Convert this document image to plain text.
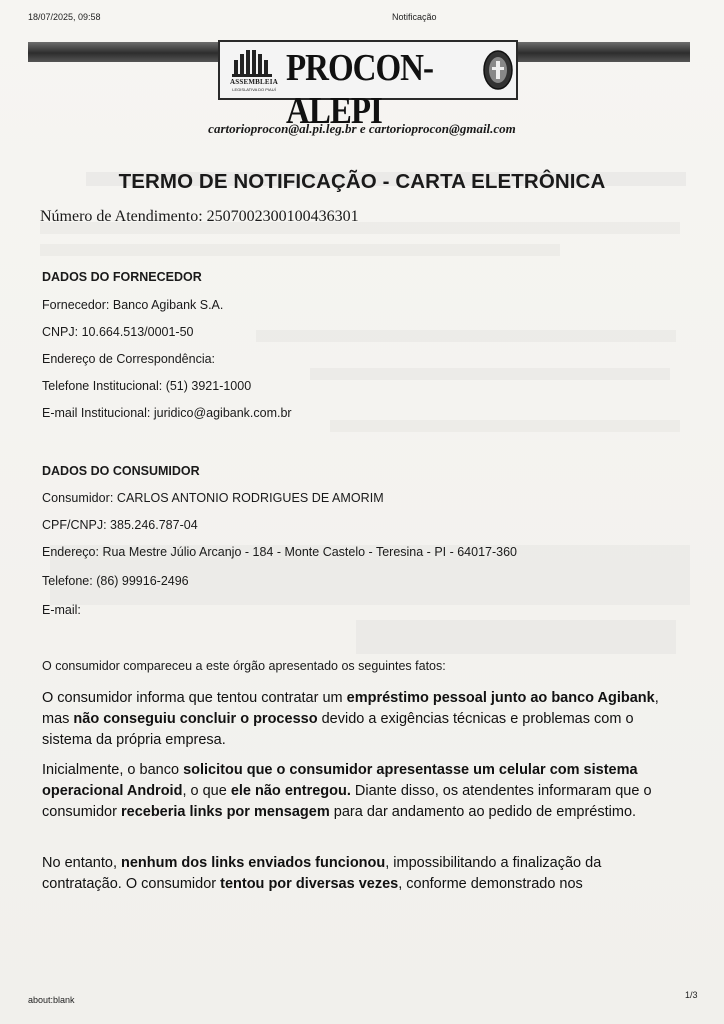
18/07/2025, 09:58	Notificação
ASSEMBLEIA
LEGISLATIVA DO PIAUÍ
PROCON-ALEPI
cartorioprocon@al.pi.leg.br e cartorioprocon@gmail.com
TERMO DE NOTIFICAÇÃO - CARTA ELETRÔNICA
Número de Atendimento: 2507002300100436301
DADOS DO FORNECEDOR
Fornecedor: Banco Agibank S.A.
CNPJ: 10.664.513/0001-50
Endereço de Correspondência:
Telefone Institucional: (51) 3921-1000
E-mail Institucional: juridico@agibank.com.br
DADOS DO CONSUMIDOR
Consumidor: CARLOS ANTONIO RODRIGUES DE AMORIM
CPF/CNPJ: 385.246.787-04
Endereço: Rua Mestre Júlio Arcanjo - 184 - Monte Castelo - Teresina - PI - 64017-360
Telefone: (86) 99916-2496
E-mail:
O consumidor compareceu a este órgão apresentado os seguintes fatos:
O consumidor informa que tentou contratar um empréstimo pessoal junto ao banco Agibank, mas não conseguiu concluir o processo devido a exigências técnicas e problemas com o sistema da própria empresa.
Inicialmente, o banco solicitou que o consumidor apresentasse um celular com sistema operacional Android, o que ele não entregou. Diante disso, os atendentes informaram que o consumidor receberia links por mensagem para dar andamento ao pedido de empréstimo.
No entanto, nenhum dos links enviados funcionou, impossibilitando a finalização da contratação. O consumidor tentou por diversas vezes, conforme demonstrado nos
about:blank	1/3
